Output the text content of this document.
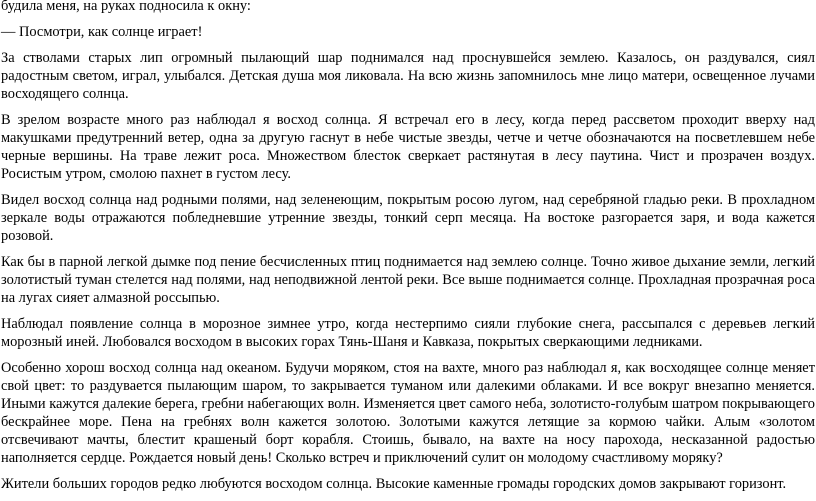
будила меня, на руках подносила к окну:

— Посмотри, как солнце играет!

За стволами старых лип огромный пылающий шар поднимался над проснувшейся землею. Казалось, он раздувался, сиял радостным светом, играл, улыбался. Детская душа моя ликовала. На всю жизнь запомнилось мне лицо матери, освещенное лучами восходящего солнца.

В зрелом возрасте много раз наблюдал я восход солнца. Я встречал его в лесу, когда перед рассветом проходит вверху над макушками предутренний ветер, одна за другую гаснут в небе чистые звезды, четче и четче обозначаются на посветлевшем небе черные вершины. На траве лежит роса. Множеством блесток сверкает растянутая в лесу паутина. Чист и прозрачен воздух. Росистым утром, смолою пахнет в густом лесу.

Видел восход солнца над родными полями, над зеленеющим, покрытым росою лугом, над серебряной гладью реки. В прохладном зеркале воды отражаются побледневшие утренние звезды, тонкий серп месяца. На востоке разгорается заря, и вода кажется розовой.

Как бы в парной легкой дымке под пение бесчисленных птиц поднимается над землею солнце. Точно живое дыхание земли, легкий золотистый туман стелется над полями, над неподвижной лентой реки. Все выше поднимается солнце. Прохладная прозрачная роса на лугах сияет алмазной россыпью.

Наблюдал появление солнца в морозное зимнее утро, когда нестерпимо сияли глубокие снега, рассыпался с деревьев легкий морозный иней. Любовался восходом в высоких горах Тянь-Шаня и Кавказа, покрытых сверкающими ледниками.

Особенно хорош восход солнца над океаном. Будучи моряком, стоя на вахте, много раз наблюдал я, как восходящее солнце меняет свой цвет: то раздувается пылающим шаром, то закрывается туманом или далекими облаками. И все вокруг внезапно меняется. Иными кажутся далекие берега, гребни набегающих волн. Изменяется цвет самого неба, золотисто-голубым шатром покрывающего бескрайнее море. Пена на гребнях волн кажется золотою. Золотыми кажутся летящие за кормою чайки. Алым «золотом отсвечивают мачты, блестит крашеный борт корабля. Стоишь, бывало, на вахте на носу парохода, несказанной радостью наполняется сердце. Рождается новый день! Сколько встреч и приключений сулит он молодому счастливому моряку?

Жители больших городов редко любуются восходом солнца. Высокие каменные громады городских домов закрывают горизонт.
